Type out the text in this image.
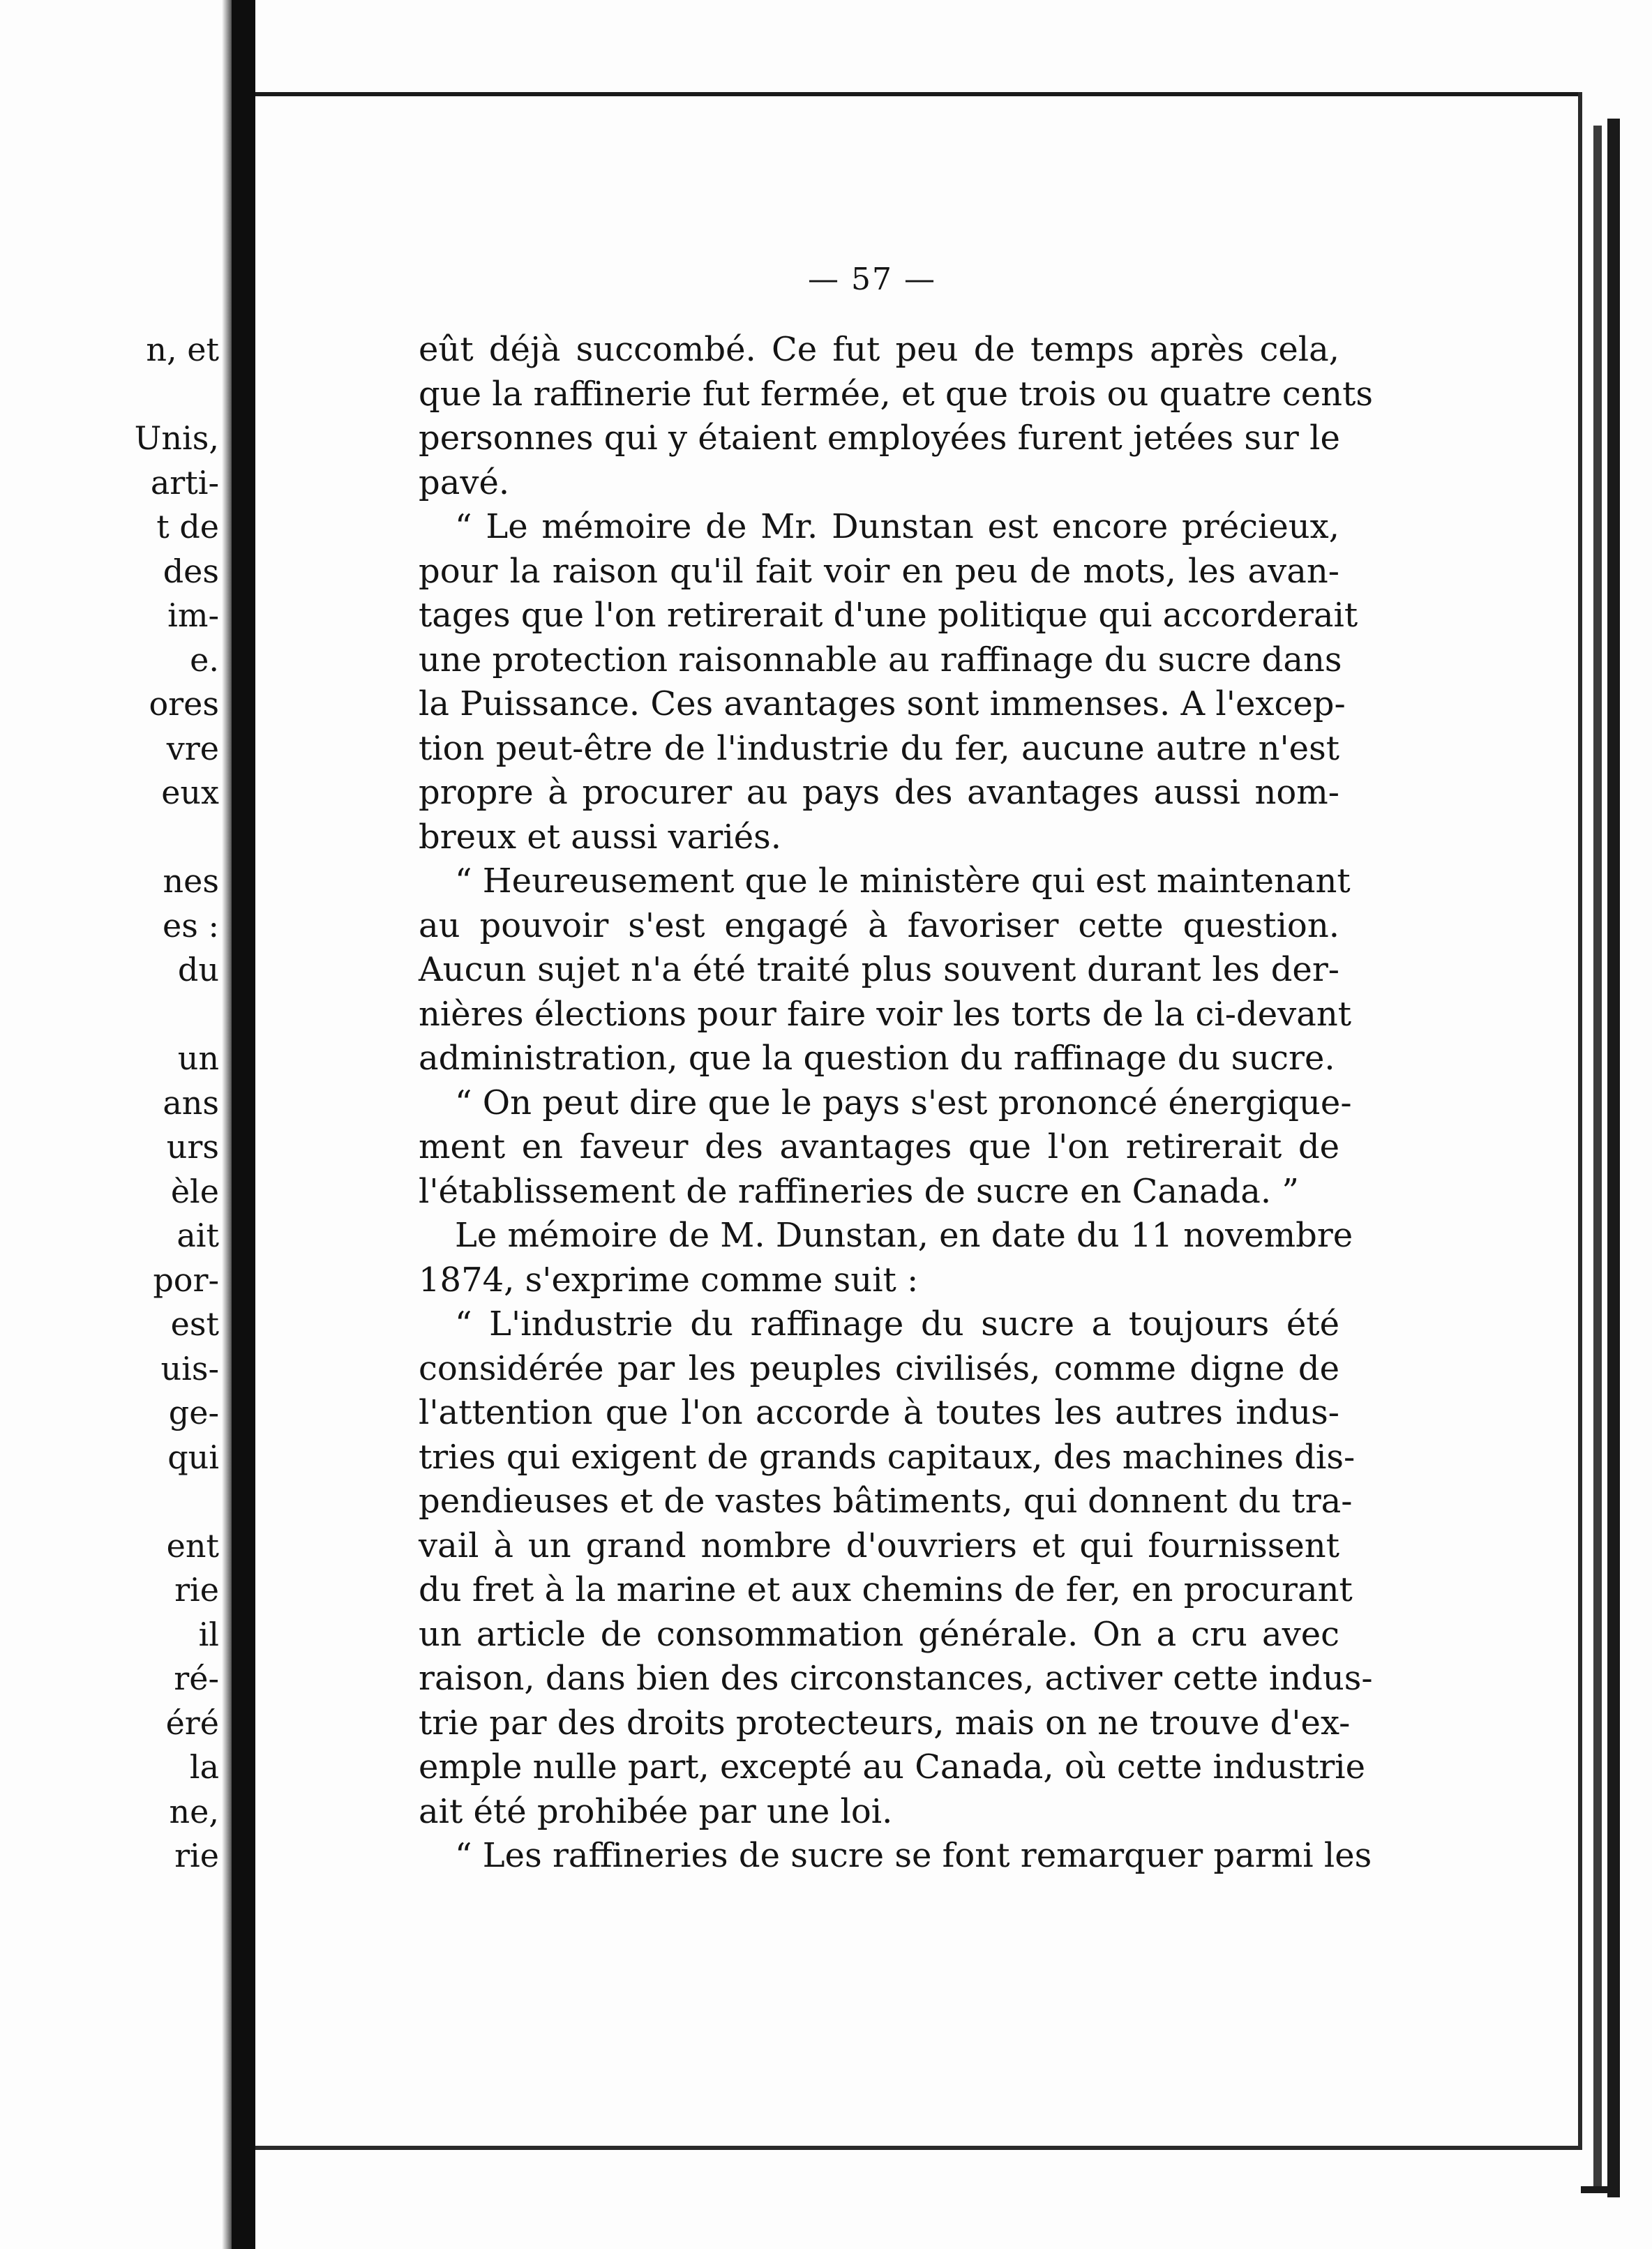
n, et
Unis,
arti-
t de
des
im-
e.
ores
vre
eux
nes
es :
du
un
ans
urs
èle
ait
por-
est
uis-
ge-
qui
ent
rie
il
ré-
éré
la
ne,
rie
— 57 —
eût déjà succombé. Ce fut peu de temps après cela,
que la raffinerie fut fermée, et que trois ou quatre cents
personnes qui y étaient employées furent jetées sur le
pavé.
“ Le mémoire de Mr. Dunstan est encore précieux,
pour la raison qu'il fait voir en peu de mots, les avan-
tages que l'on retirerait d'une politique qui accorderait
une protection raisonnable au raffinage du sucre dans
la Puissance. Ces avantages sont immenses. A l'excep-
tion peut-être de l'industrie du fer, aucune autre n'est
propre à procurer au pays des avantages aussi nom-
breux et aussi variés.
“ Heureusement que le ministère qui est maintenant
au pouvoir s'est engagé à favoriser cette question.
Aucun sujet n'a été traité plus souvent durant les der-
nières élections pour faire voir les torts de la ci-devant
administration, que la question du raffinage du sucre.
“ On peut dire que le pays s'est prononcé énergique-
ment en faveur des avantages que l'on retirerait de
l'établissement de raffineries de sucre en Canada. ”
Le mémoire de M. Dunstan, en date du 11 novembre
1874, s'exprime comme suit :
“ L'industrie du raffinage du sucre a toujours été
considérée par les peuples civilisés, comme digne de
l'attention que l'on accorde à toutes les autres indus-
tries qui exigent de grands capitaux, des machines dis-
pendieuses et de vastes bâtiments, qui donnent du tra-
vail à un grand nombre d'ouvriers et qui fournissent
du fret à la marine et aux chemins de fer, en procurant
un article de consommation générale. On a cru avec
raison, dans bien des circonstances, activer cette indus-
trie par des droits protecteurs, mais on ne trouve d'ex-
emple nulle part, excepté au Canada, où cette industrie
ait été prohibée par une loi.
“ Les raffineries de sucre se font remarquer parmi les
